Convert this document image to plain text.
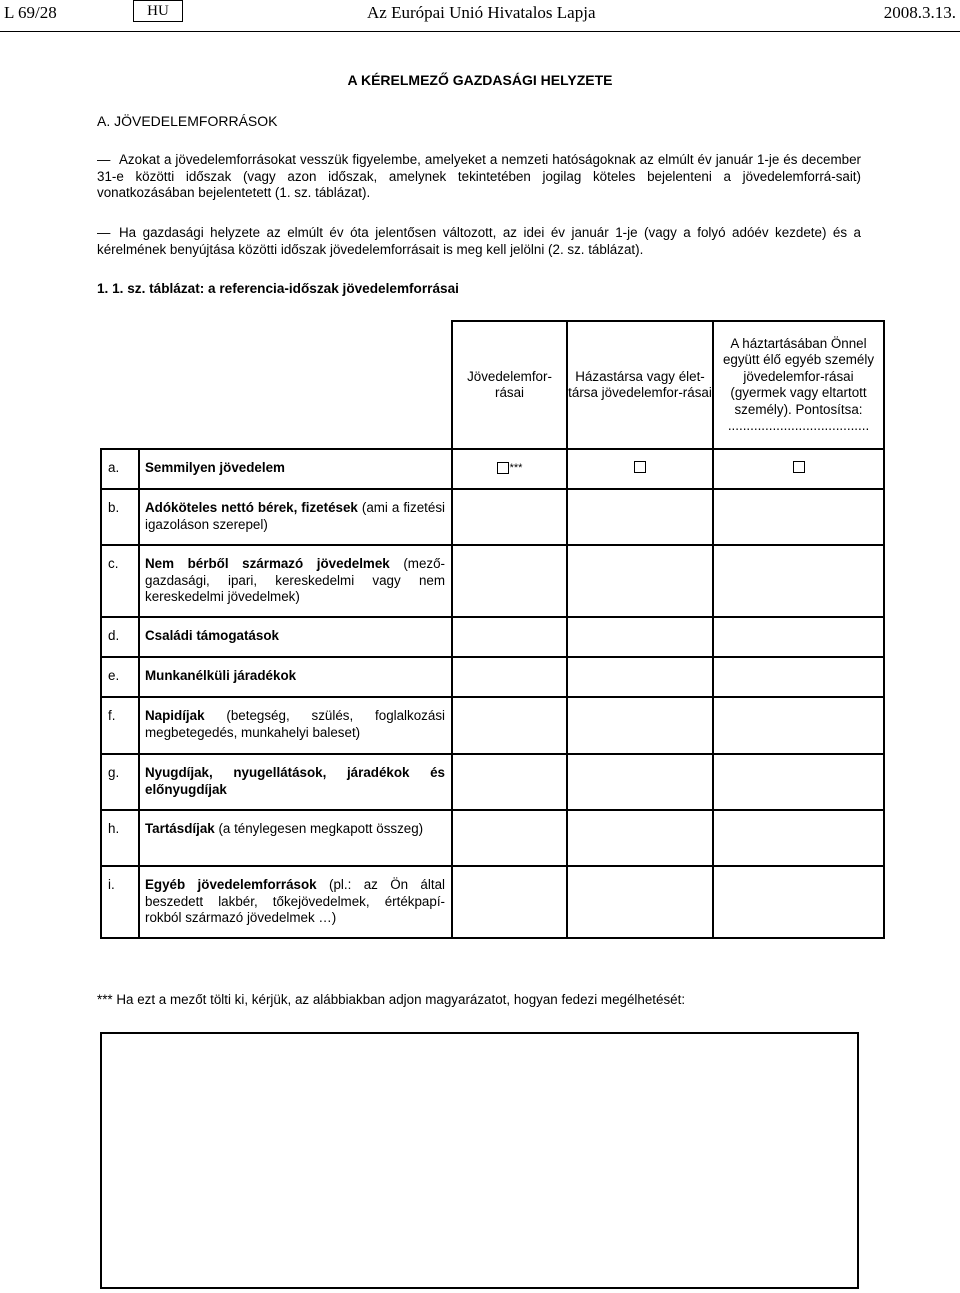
L 69/28	HU	Az Európai Unió Hivatalos Lapja	2008.3.13.
A KÉRELMEZŐ GAZDASÁGI HELYZETE
A. JÖVEDELEMFORRÁSOK
— Azokat a jövedelemforrásokat vesszük figyelembe, amelyeket a nemzeti hatóságoknak az elmúlt év január 1-je és december 31-e közötti időszak (vagy azon időszak, amelynek tekintetében jogilag köteles bejelenteni a jövedelemforrá-sait) vonatkozásában bejelentetett (1. sz. táblázat).
— Ha gazdasági helyzete az elmúlt év óta jelentősen változott, az idei év január 1-je (vagy a folyó adóév kezdete) és a kérelmének benyújtása közötti időszak jövedelemforrásait is meg kell jelölni (2. sz. táblázat).
1. 1. sz. táblázat: a referencia-időszak jövedelemforrásai
		Jövedelemfor-rásai	Házastársa vagy élet-társa jövedelemfor-rásai	A háztartásában Önnel együtt élő egyéb személy jövedelemfor-rásai (gyermek vagy eltartott személy). Pontosítsa:
......................................

a.	Semmilyen jövedelem	***		
b.	Adóköteles nettó bérek, fizetések (ami a fizetési igazoláson szerepel)			
c.	Nem bérből származó jövedelmek (mező-gazdasági, ipari, kereskedelmi vagy nem kereskedelmi jövedelmek)			
d.	Családi támogatások			
e.	Munkanélküli járadékok			
f.	Napidíjak (betegség, szülés, foglalkozási megbetegedés, munkahelyi baleset)			
g.	Nyugdíjak, nyugellátások, járadékok és előnyugdíjak			
h.	Tartásdíjak (a ténylegesen megkapott összeg)			
i.	Egyéb jövedelemforrások (pl.: az Ön által beszedett lakbér, tőkejövedelmek, értékpapí-rokból származó jövedelmek …)			
*** Ha ezt a mezőt tölti ki, kérjük, az alábbiakban adjon magyarázatot, hogyan fedezi megélhetését:
